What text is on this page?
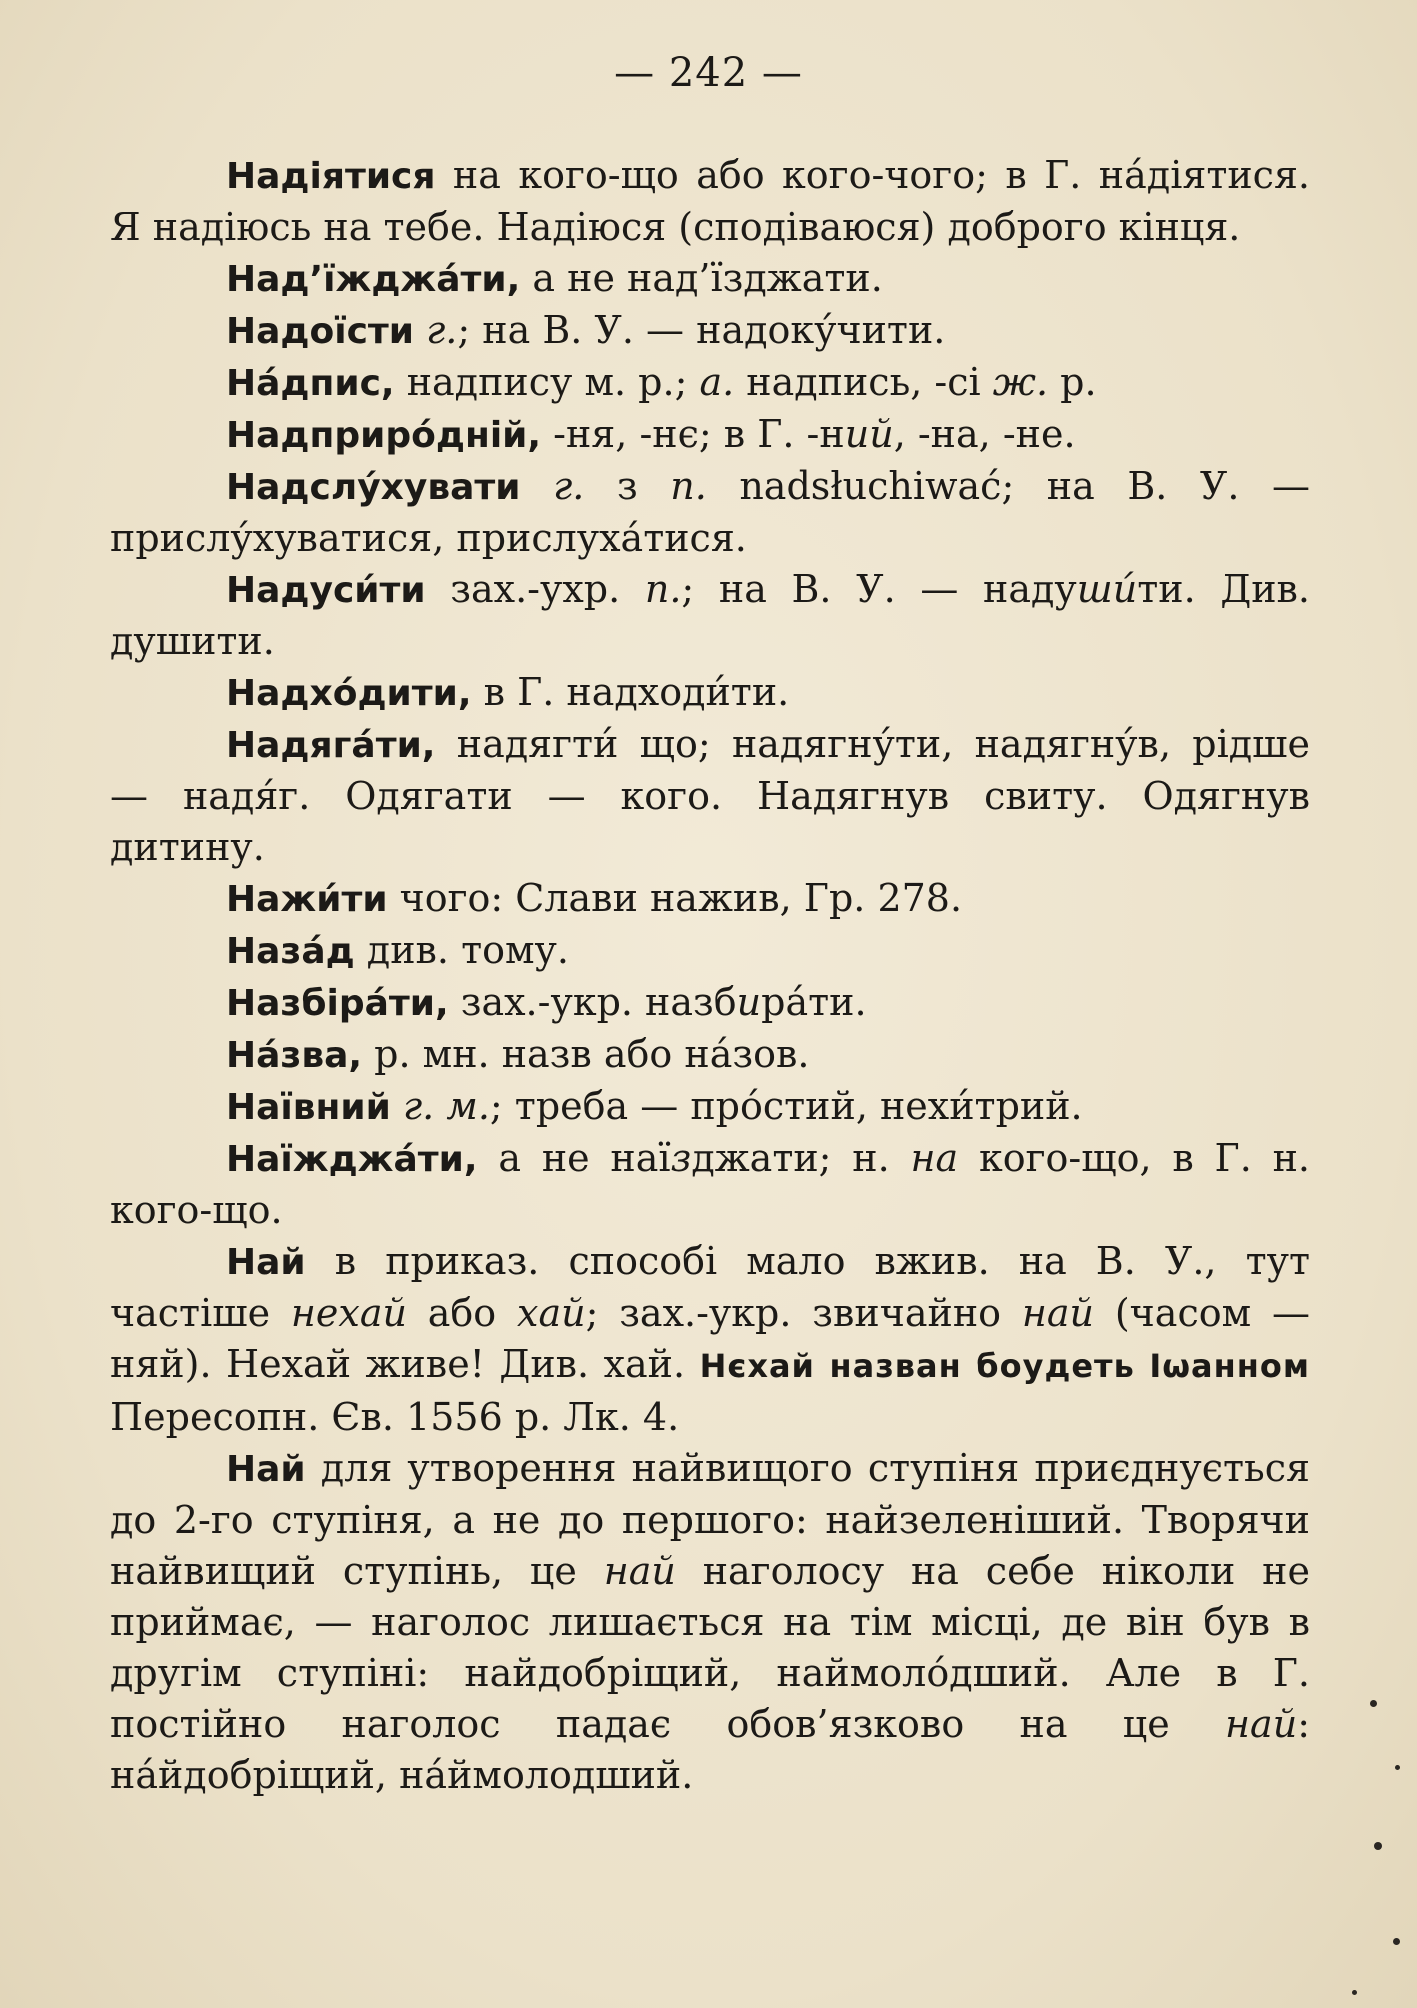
— 242 —

Надіятися на кого-що або кого-чого; в Г. на́діятися. Я надіюсь на тебе. Надіюся (сподіваюся) доброго кінця.

Над’їжджа́ти, а не над’їзджати.

Надоїсти г.; на В. У. — надоку́чити.

На́дпис, надпису м. р.; а. надпись, -сі ж. р.

Надприро́дній, -ня, -нє; в Г. -ний, -на, -не.

Надслу́хувати г. з п. nadsłuchiwać; на В. У. — прислу́хуватися, прислуха́тися.

Надуси́ти зах.-ухр. п.; на В. У. — надуши́ти. Див. душити.

Надхо́дити, в Г. надходи́ти.

Надяга́ти, надягти́ що; надягну́ти, надягну́в, рідше — надя́г. Одягати — кого. Надягнув свиту. Одягнув дитину.

Нажи́ти чого: Слави нажив, Гр. 278.

Наза́д див. тому.

Назбіра́ти, зах.-укр. назбира́ти.

На́зва, р. мн. назв або на́зов.

Наївний г. м.; треба — про́стий, нехи́трий.

Наїжджа́ти, а не наїзджати; н. на кого-що, в Г. н. кого-що.

Най в приказ. способі мало вжив. на В. У., тут частіше нехай або хай; зах.-укр. звичайно най (часом — няй). Нехай живе! Див. хай. Нєхай назван боудеть Іωанном Пересопн. Єв. 1556 р. Лк. 4.

Най для утворення найвищого ступіня приєднується до 2-го ступіня, а не до першого: найзеленіший. Творячи найвищий ступінь, це най наголосу на себе ніколи не приймає, — наголос лишається на тім місці, де він був в другім ступіні: найдобріщий, наймоло́дший. Але в Г. постійно наголос падає обов’язково на це най: на́йдобріщий, на́ймолодший.
